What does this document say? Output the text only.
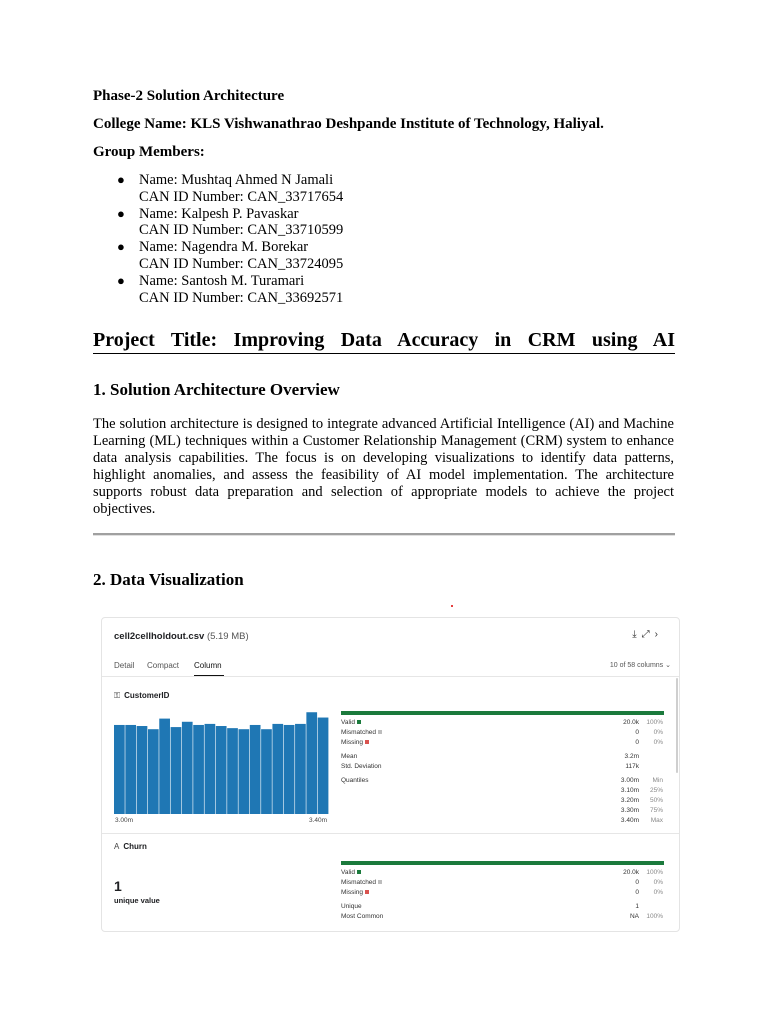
Phase-2 Solution Architecture
College Name: KLS Vishwanathrao Deshpande Institute of Technology, Haliyal.
Group Members:
● Name: Mushtaq Ahmed N Jamali
CAN ID Number: CAN_33717654
● Name: Kalpesh P. Pavaskar
CAN ID Number: CAN_33710599
● Name: Nagendra M. Borekar
CAN ID Number: CAN_33724095
● Name: Santosh M. Turamari
CAN ID Number: CAN_33692571
Project Title: Improving Data Accuracy in CRM using AI
1. Solution Architecture Overview
The solution architecture is designed to integrate advanced Artificial Intelligence (AI) and Machine Learning (ML) techniques within a Customer Relationship Management (CRM) system to enhance data analysis capabilities. The focus is on developing visualizations to identify data patterns, highlight anomalies, and assess the feasibility of AI model implementation. The architecture supports robust data preparation and selection of appropriate models to achieve the project objectives.
2. Data Visualization
cell2cellholdout.csv (5.19 MB)	⤓⤢›
Detail Compact Column	10 of 58 columns ⌄
⚿ CustomerID
3.00m	3.40m
Valid	20.0k	100%
Mismatched	0	0%
Missing	0	0%
Mean	3.2m
Std. Deviation	117k
Quantiles	3.00m	Min
3.10m	25%
3.20m	50%
3.30m	75%
3.40m	Max
A Churn
1
unique value
Valid	20.0k	100%
Mismatched	0	0%
Missing	0	0%
Unique	1
Most Common	NA	100%
